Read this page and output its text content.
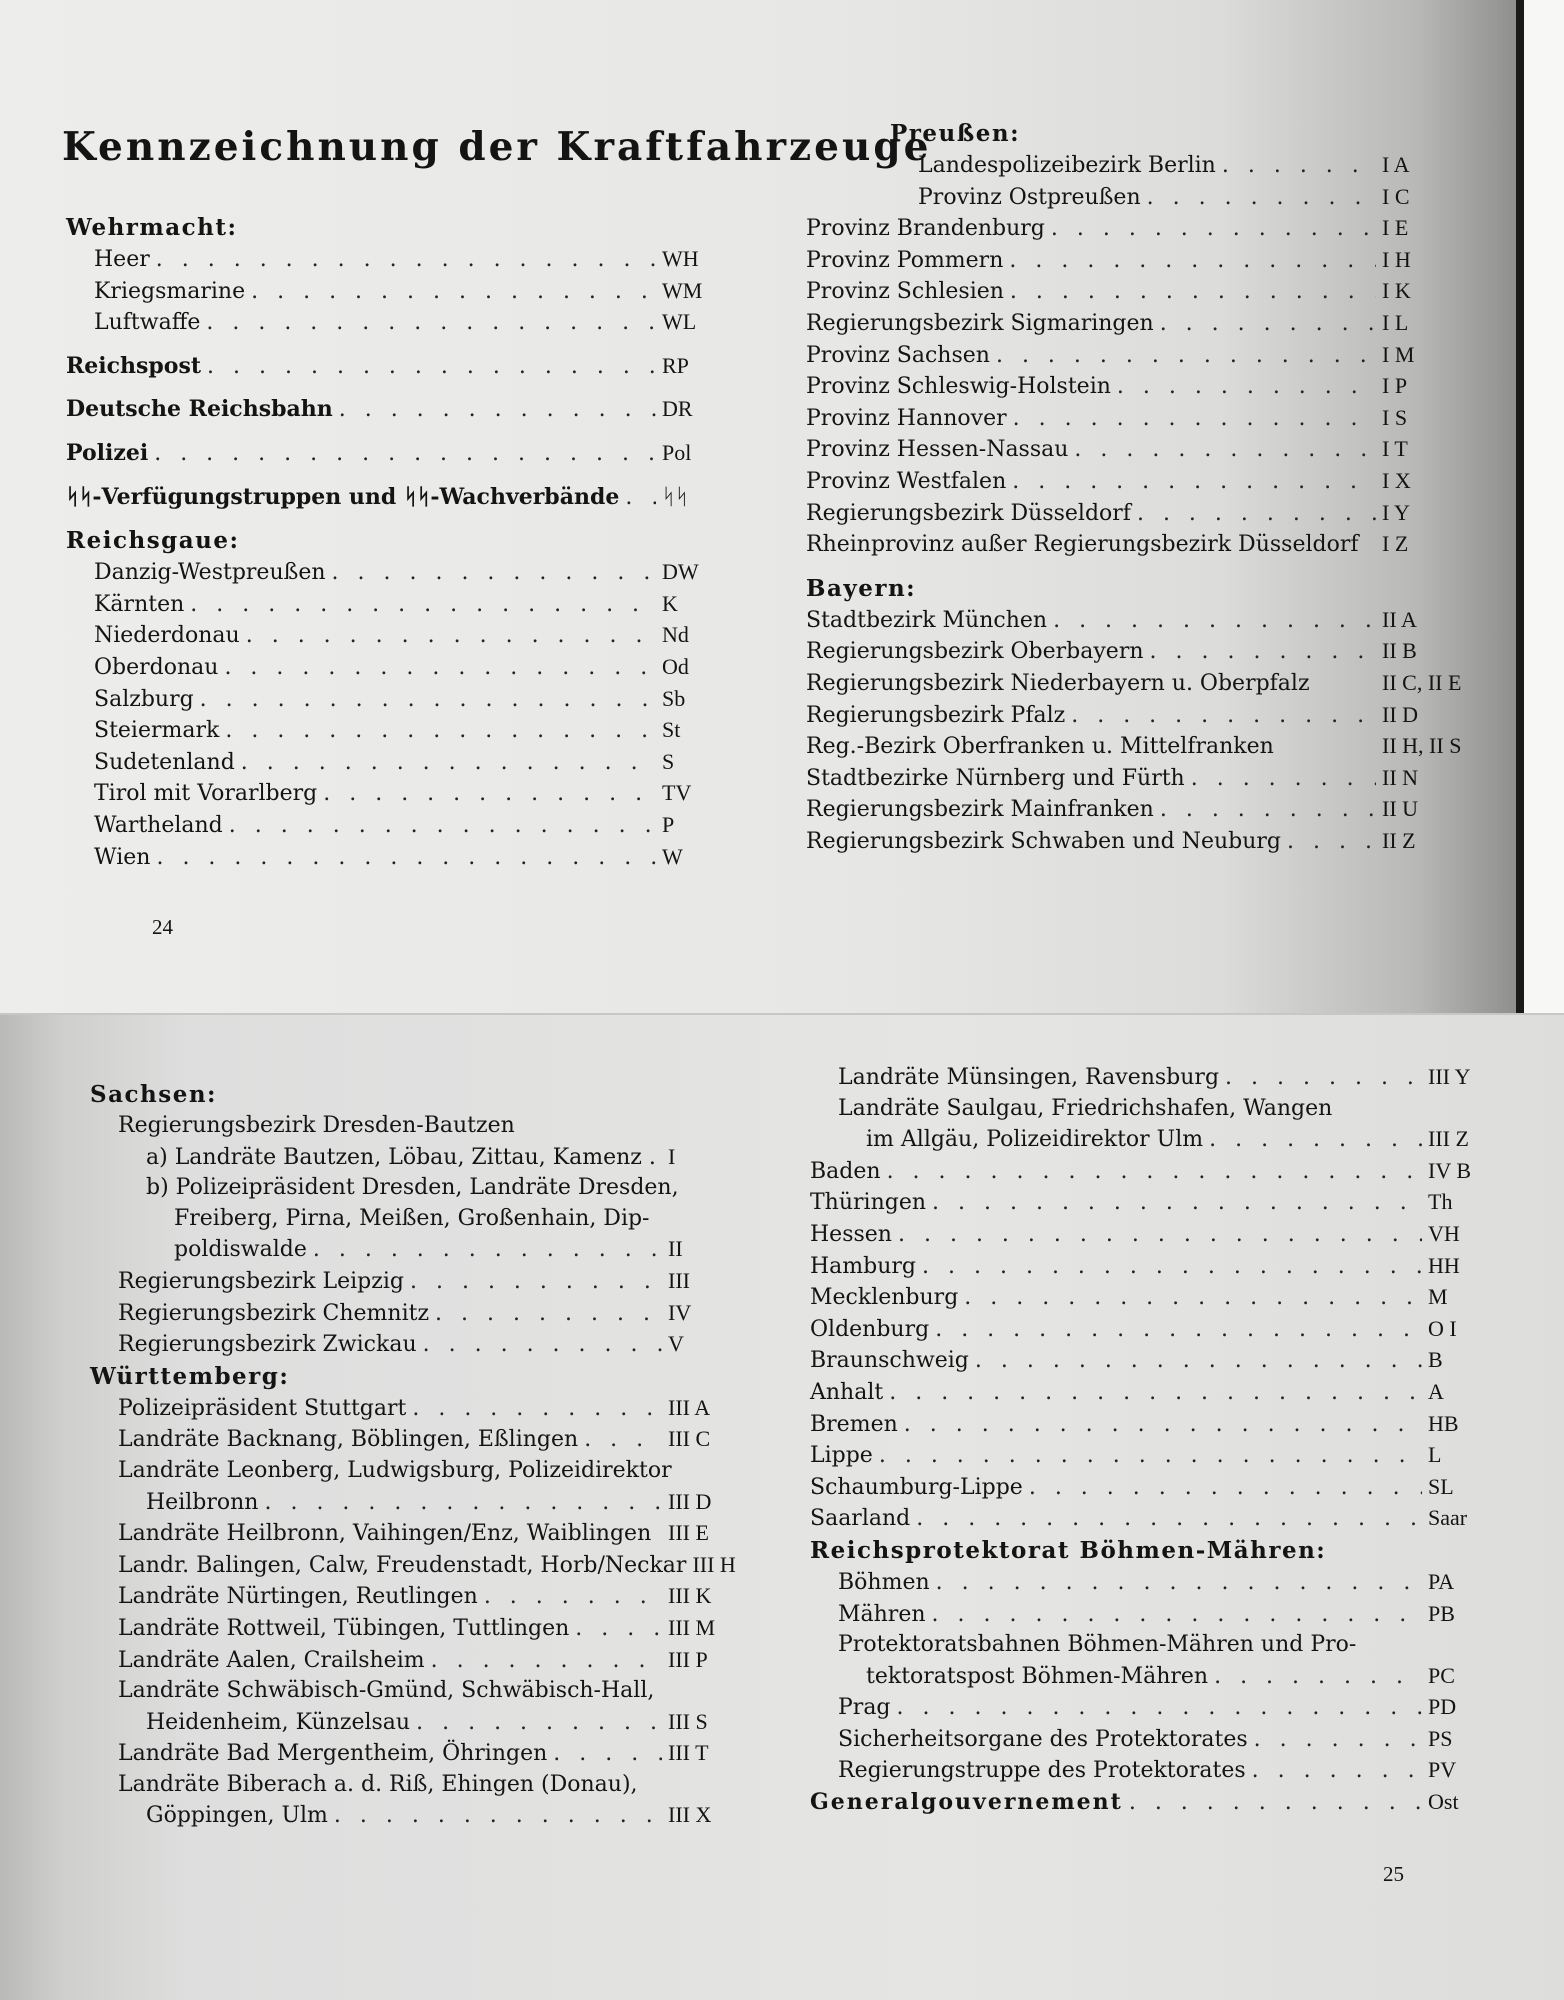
Kennzeichnung der Kraftfahrzeuge
Wehrmacht:
Heer . . .	WH
Kriegsmarine . . .	WM
Luftwaffe . . .	WL
Reichspost . . .	RP
Deutsche Reichsbahn . . .	DR
Polizei . . .	Pol
ᛋᛋ-Verfügungstruppen und ᛋᛋ-Wachverbände . . . ᛋᛋ
Reichsgaue:
Danzig-Westpreußen . . .	DW
Kärnten . . .	K
Niederdonau . . .	Nd
Oberdonau . . .	Od
Salzburg . . .	Sb
Steiermark . . .	St
Sudetenland . . .	S
Tirol mit Vorarlberg . . .	TV
Wartheland . . .	P
Wien . . .	W
Preußen:
Landespolizeibezirk Berlin . . .	I A
Provinz Ostpreußen . . .	I C
Provinz Brandenburg . . .	I E
Provinz Pommern . . .	I H
Provinz Schlesien . . .	I K
Regierungsbezirk Sigmaringen . . .	I L
Provinz Sachsen . . .	I M
Provinz Schleswig-Holstein . . .	I P
Provinz Hannover . . .	I S
Provinz Hessen-Nassau . . .	I T
Provinz Westfalen . . .	I X
Regierungsbezirk Düsseldorf . . .	I Y
Rheinprovinz außer Regierungsbezirk Düsseldorf I Z
Bayern:
Stadtbezirk München . . .	II A
Regierungsbezirk Oberbayern . . .	II B
Regierungsbezirk Niederbayern u. Oberpfalz	II C, II E
Regierungsbezirk Pfalz . . .	II D
Reg.-Bezirk Oberfranken u. Mittelfranken	II H, II S
Stadtbezirke Nürnberg und Fürth . . .	II N
Regierungsbezirk Mainfranken . . .	II U
Regierungsbezirk Schwaben und Neuburg . . .	II Z
24
Sachsen:
Regierungsbezirk Dresden-Bautzen
a) Landräte Bautzen, Löbau, Zittau, Kamenz . I
b) Polizeipräsident Dresden, Landräte Dresden,
Freiberg, Pirna, Meißen, Großenhain, Dip-
poldiswalde . . .	II
Regierungsbezirk Leipzig . . .	III
Regierungsbezirk Chemnitz . . .	IV
Regierungsbezirk Zwickau . . .	V
Württemberg:
Polizeipräsident Stuttgart . . .	III A
Landräte Backnang, Böblingen, Eßlingen . . .	III C
Landräte Leonberg, Ludwigsburg, Polizeidirektor
Heilbronn . . .	III D
Landräte Heilbronn, Vaihingen/Enz, Waiblingen III E
Landr. Balingen, Calw, Freudenstadt, Horb/Neckar III H
Landräte Nürtingen, Reutlingen . . .	III K
Landräte Rottweil, Tübingen, Tuttlingen . . .	III M
Landräte Aalen, Crailsheim . . .	III P
Landräte Schwäbisch-Gmünd, Schwäbisch-Hall,
Heidenheim, Künzelsau . . .	III S
Landräte Bad Mergentheim, Öhringen . . .	III T
Landräte Biberach a. d. Riß, Ehingen (Donau),
Göppingen, Ulm . . .	III X
Landräte Münsingen, Ravensburg . . .	III Y
Landräte Saulgau, Friedrichshafen, Wangen
im Allgäu, Polizeidirektor Ulm . . .	III Z
Baden . . .	IV B
Thüringen . . .	Th
Hessen . . .	VH
Hamburg . . .	HH
Mecklenburg . . .	M
Oldenburg . . .	O I
Braunschweig . . .	B
Anhalt . . .	A
Bremen . . .	HB
Lippe . . .	L
Schaumburg-Lippe . . .	SL
Saarland . . .	Saar
Reichsprotektorat Böhmen-Mähren:
Böhmen . . .	PA
Mähren . . .	PB
Protektoratsbahnen Böhmen-Mähren und Pro-
tektoratspost Böhmen-Mähren . . .	PC
Prag . . .	PD
Sicherheitsorgane des Protektorates . . .	PS
Regierungstruppe des Protektorates . . .	PV
Generalgouvernement . . .	Ost
25
